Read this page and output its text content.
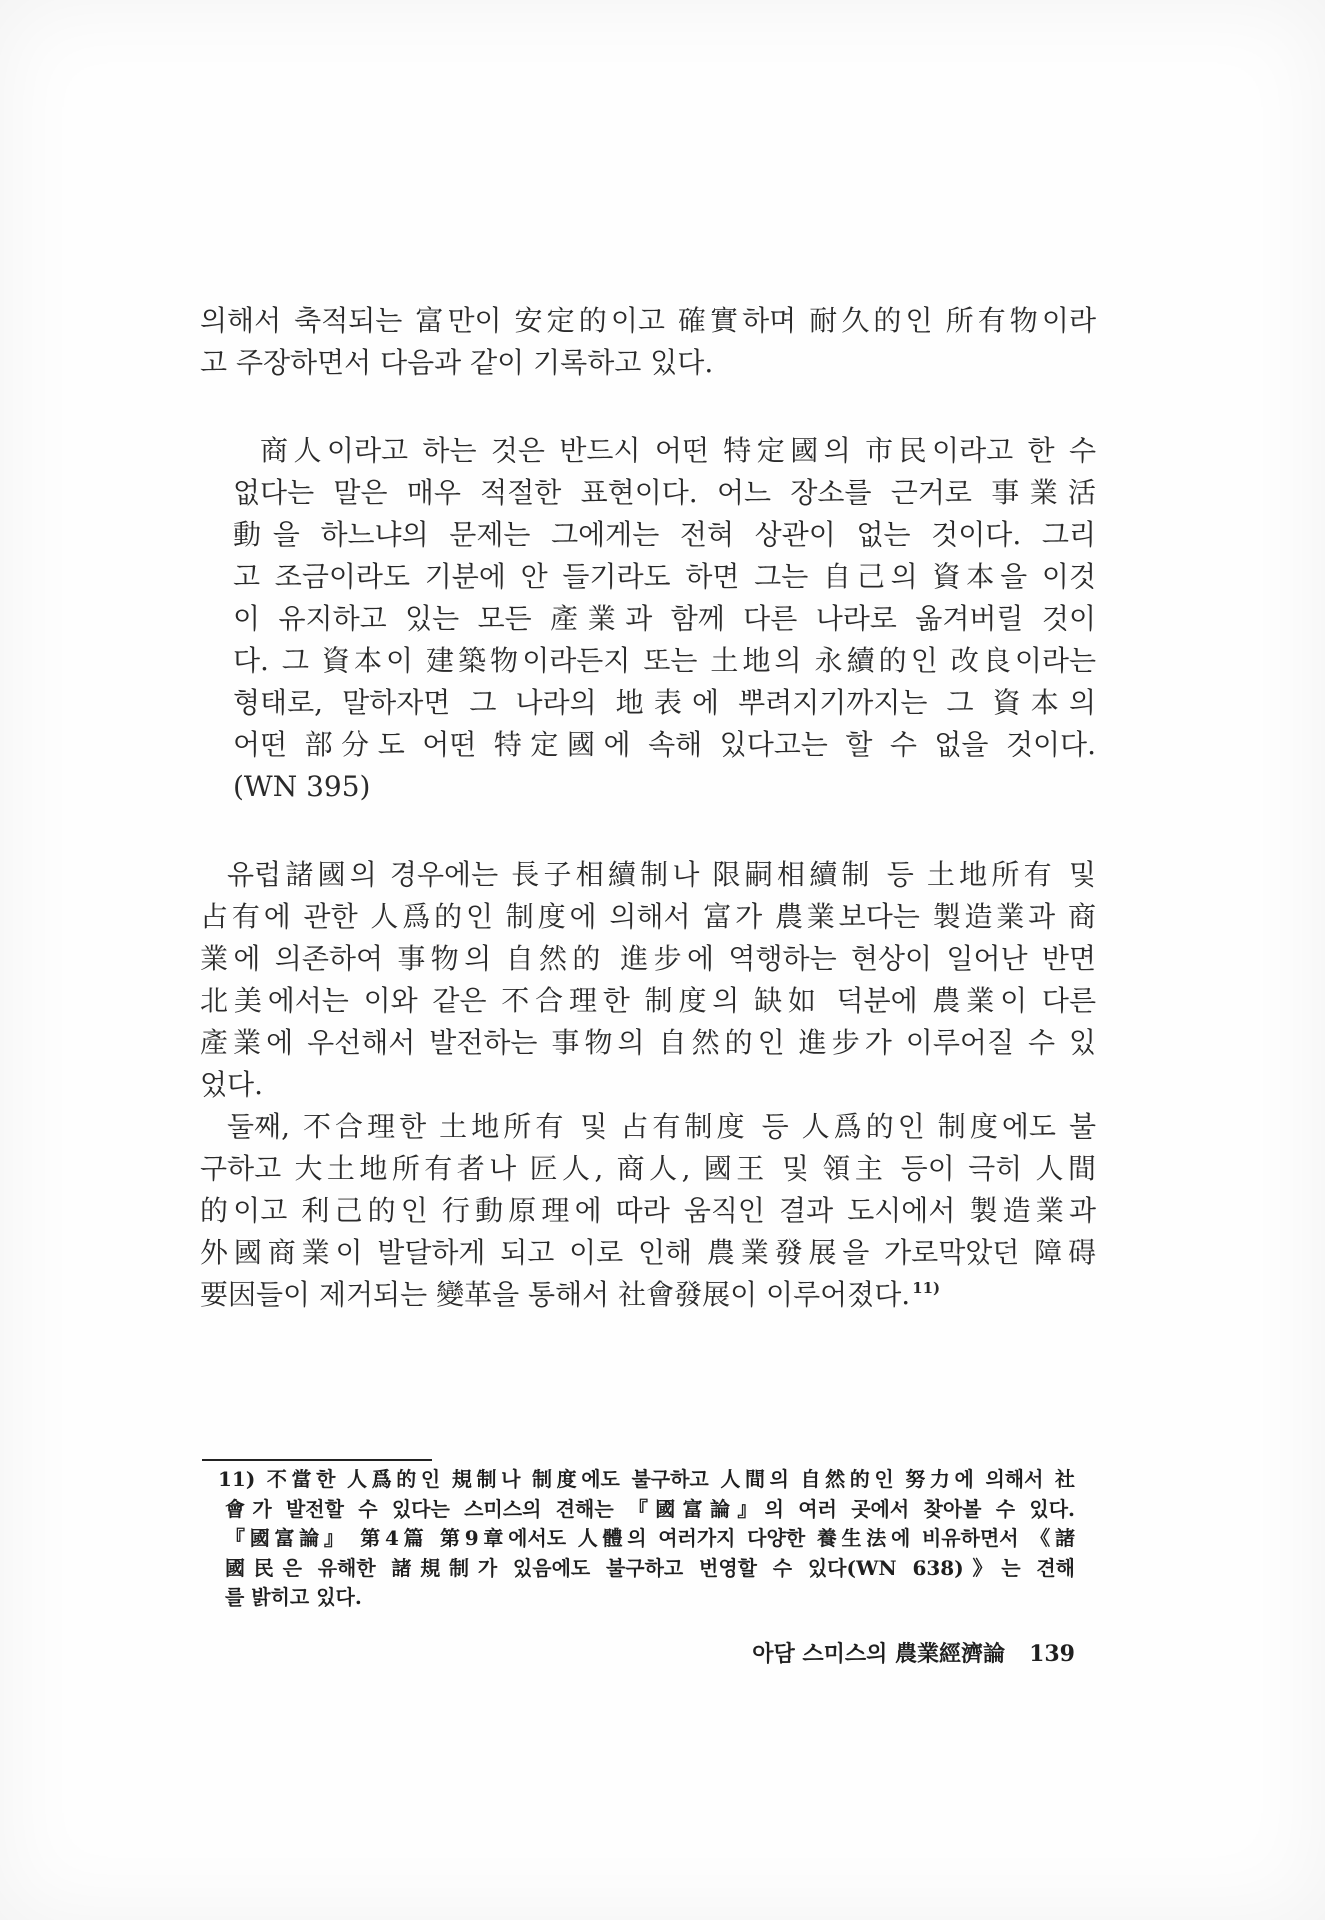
의해서 축적되는 富만이 安定的이고 確實하며 耐久的인 所有物이라
고 주장하면서 다음과 같이 기록하고 있다.
商人이라고 하는 것은 반드시 어떤 特定國의 市民이라고 한 수
없다는 말은 매우 적절한 표현이다. 어느 장소를 근거로 事業活
動을 하느냐의 문제는 그에게는 전혀 상관이 없는 것이다. 그리
고 조금이라도 기분에 안 들기라도 하면 그는 自己의 資本을 이것
이 유지하고 있는 모든 產業과 함께 다른 나라로 옮겨버릴 것이
다. 그 資本이 建築物이라든지 또는 土地의 永續的인 改良이라는
형태로, 말하자면 그 나라의 地表에 뿌려지기까지는 그 資本의
어떤 部分도 어떤 特定國에 속해 있다고는 할 수 없을 것이다.
(WN 395)
유럽諸國의 경우에는 長子相續制나 限嗣相續制 등 土地所有 및
占有에 관한 人爲的인 制度에 의해서 富가 農業보다는 製造業과 商
業에 의존하여 事物의 自然的 進步에 역행하는 현상이 일어난 반면
北美에서는 이와 같은 不合理한 制度의 缺如 덕분에 農業이 다른
產業에 우선해서 발전하는 事物의 自然的인 進步가 이루어질 수 있
었다.
둘째, 不合理한 土地所有 및 占有制度 등 人爲的인 制度에도 불
구하고 大土地所有者나 匠人, 商人, 國王 및 領主 등이 극히 人間
的이고 利己的인 行動原理에 따라 움직인 결과 도시에서 製造業과
外國商業이 발달하게 되고 이로 인해 農業發展을 가로막았던 障碍
要因들이 제거되는 變革을 통해서 社會發展이 이루어졌다. $^{11)}$
11) 不當한 人爲的인 規制나 制度에도 불구하고 人間의 自然的인 努力에 의해서 社
會가 발전할 수 있다는 스미스의 견해는 『國富論』의 여러 곳에서 찾아볼 수 있다.
『國富論』 第4篇 第9章에서도 人體의 여러가지 다양한 養生法에 비유하면서 《諸
國民은 유해한 諸規制가 있음에도 불구하고 번영할 수 있다(WN 638)》는 견해
를 밝히고 있다.
아담 스미스의 農業經濟論 139
